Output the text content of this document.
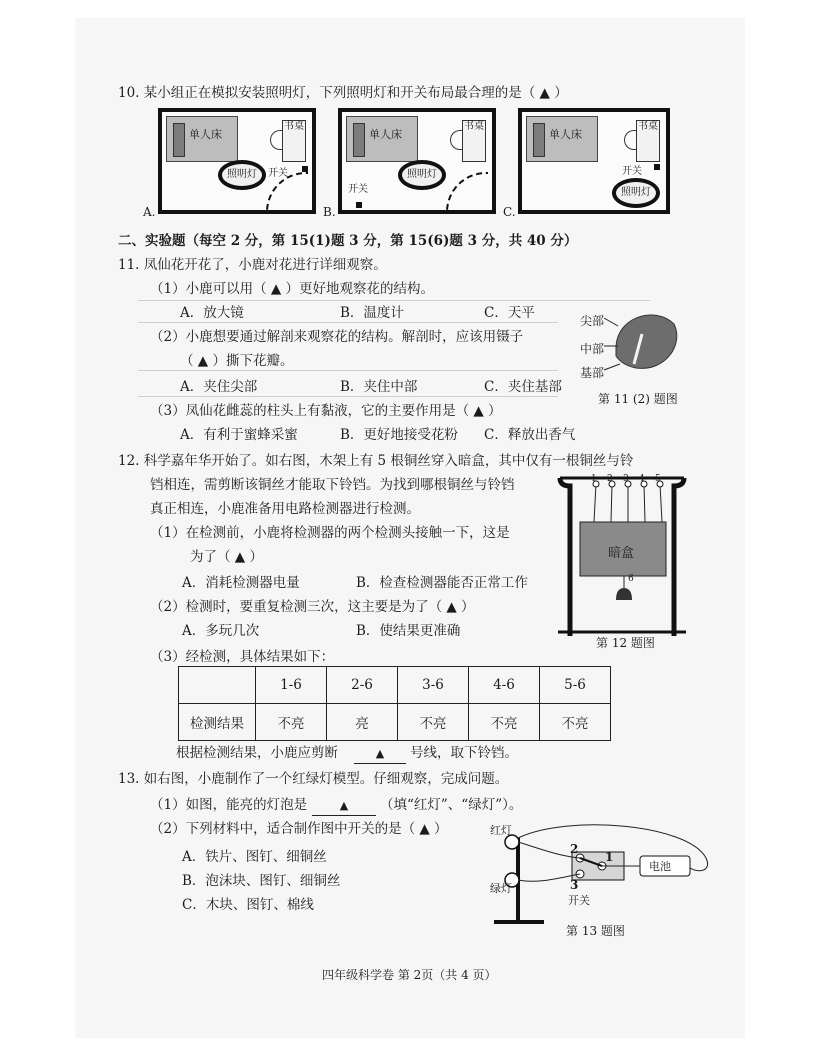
10. 某小组正在模拟安装照明灯，下列照明灯和开关布局最合理的是（ ▲ ）
单人床
书桌
照明灯	开关
A.
单人床
书桌
照明灯
开关
B.
单人床
书桌
照明灯
开关
C.
二、实验题（每空 2 分，第 15(1)题 3 分，第 15(6)题 3 分，共 40 分）
11. 凤仙花开花了，小鹿对花进行详细观察。
（1）小鹿可以用（ ▲ ）更好地观察花的结构。
A．放大镜	B．温度计	C．天平
（2）小鹿想要通过解剖来观察花的结构。解剖时，应该用镊子
（ ▲ ）撕下花瓣。
A．夹住尖部	B．夹住中部	C．夹住基部
（3）凤仙花雌蕊的柱头上有黏液，它的主要作用是（ ▲ ）
A．有利于蜜蜂采蜜	B．更好地接受花粉 C．释放出香气
尖部
中部
基部
第 11 (2) 题图
12. 科学嘉年华开始了。如右图，木架上有 5 根铜丝穿入暗盒，其中仅有一根铜丝与铃
铛相连，需剪断该铜丝才能取下铃铛。为找到哪根铜丝与铃铛
真正相连，小鹿准备用电路检测器进行检测。
（1）在检测前，小鹿将检测器的两个检测头接触一下，这是
为了（ ▲ ）
A．消耗检测器电量	B．检查检测器能否正常工作
（2）检测时，要重复检测三次，这主要是为了（ ▲ ）
A．多玩几次	B．使结果更准确
（3）经检测，具体结果如下：
1 2 3 4 5
6
暗盒
第 12 题图
	1-6	2-6	3-6	4-6	5-6
检测结果	不亮	亮	不亮	不亮	不亮
根据检测结果，小鹿应剪断	▲	号线，取下铃铛。
13. 如右图，小鹿制作了一个红绿灯模型。仔细观察，完成问题。
（1）如图，能亮的灯泡是	▲	（填“红灯”、“绿灯”）。
（2）下列材料中，适合制作图中开关的是（ ▲ ）
A．铁片、图钉、细铜丝
B．泡沫块、图钉、细铜丝
C．木块、图钉、棉线
红灯
绿灯
电池
2
1
3
开关
第 13 题图
四年级科学卷 第 2页（共 4 页）
